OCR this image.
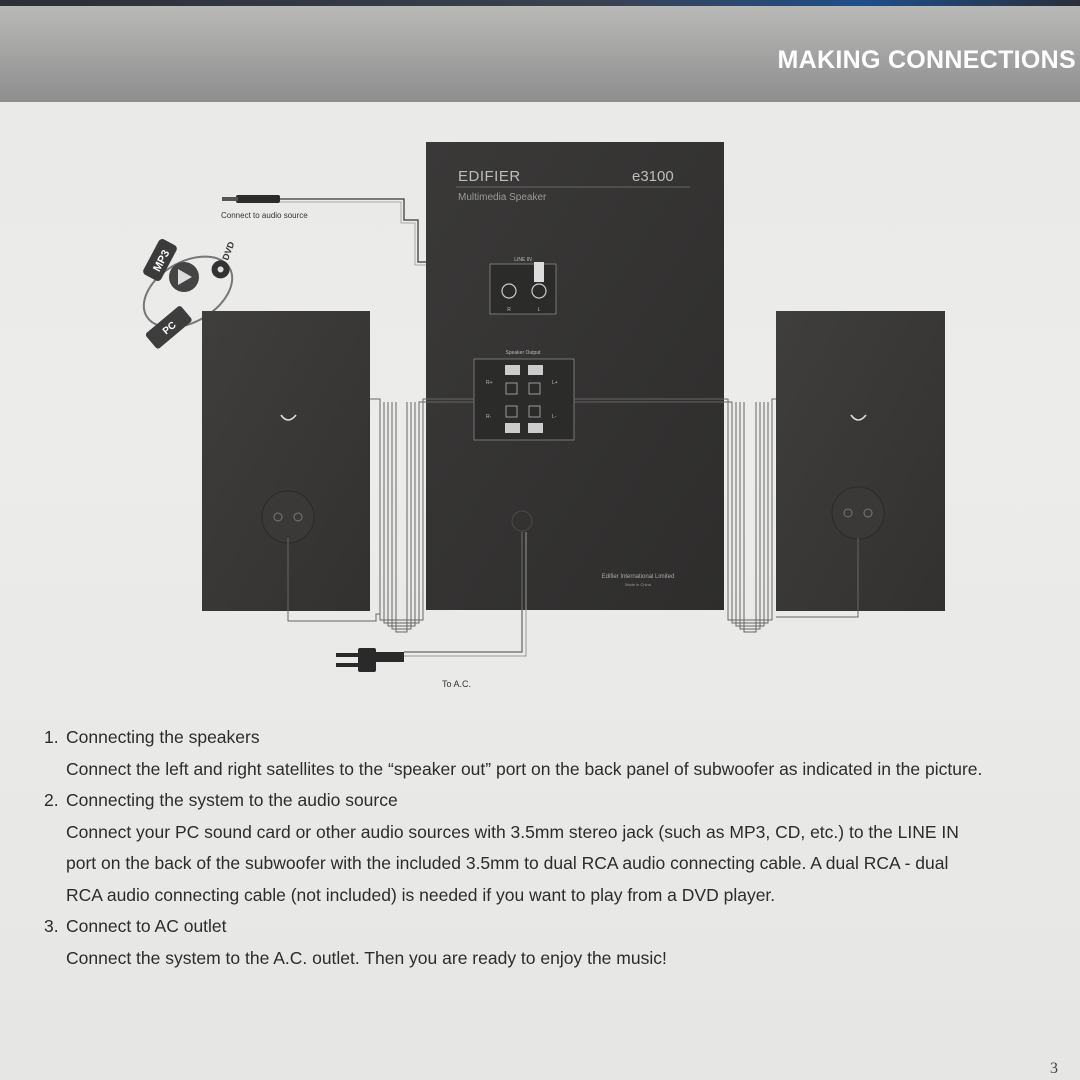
MAKING CONNECTIONS
MP3	DVD
PC
Connect to audio source
EDIFIER	e3100
Multimedia Speaker
LINE IN
R	L
Speaker Output
R+
R-
L+
L-
Edifier International Limited
Made in China
To A.C.
1. Connecting the speakers
Connect the left and right satellites to the “speaker out” port on the back panel of subwoofer as indicated in the picture.
2. Connecting the system to the audio source
Connect your PC sound card or other audio sources with 3.5mm stereo jack (such as MP3, CD, etc.) to the LINE IN
port on the back of the subwoofer with the included 3.5mm to dual RCA audio connecting cable. A dual RCA - dual
RCA audio connecting cable (not included) is needed if you want to play from a DVD player.
3. Connect to AC outlet
Connect the system to the A.C. outlet. Then you are ready to enjoy the music!
3
